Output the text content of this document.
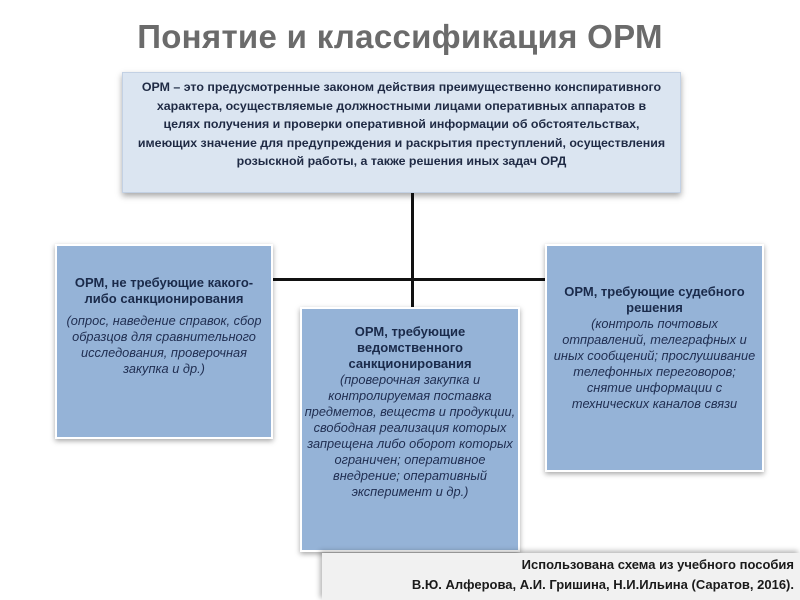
Понятие и классификация ОРМ
ОРМ – это предусмотренные законом действия преимущественно конспиративного характера, осуществляемые должностными лицами оперативных аппаратов в целях получения и проверки оперативной информации об обстоятельствах, имеющих значение для предупреждения и раскрытия преступлений, осуществления розыскной работы, а также решения иных задач ОРД
ОРМ, не требующие какого-либо санкционирования
(опрос, наведение справок, сбор образцов для сравнительного исследования, проверочная закупка и др.)
ОРМ, требующие ведомственного санкционирования
(проверочная закупка и контролируемая поставка предметов, веществ и продукции, свободная реализация которых запрещена либо оборот которых ограничен; оперативное внедрение; оперативный эксперимент и др.)
ОРМ, требующие судебного решения
(контроль почтовых отправлений, телеграфных и иных сообщений; прослушивание телефонных переговоров; снятие информации с технических каналов связи
Использована схема из учебного пособия
В.Ю. Алферова, А.И. Гришина, Н.И.Ильина (Саратов, 2016).
